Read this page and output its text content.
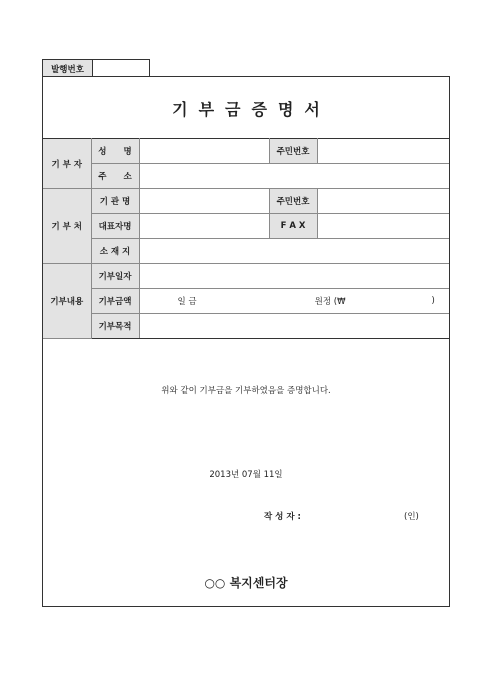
발행번호
기부금증명서
기 부 자	성　　명		주민번호	
	주　　소			
기 부 처	기 관 명		주민번호	
	대표자명		F A X	
	소 재 지			
기부내용	기부일자			
	기부금액	일 금 원정 (₩ )		

	기부목적			
위와 같이 기부금을 기부하였음을 증명합니다.
2013년 07월 11일
작 성 자 :	(인)
○○ 복지센터장
